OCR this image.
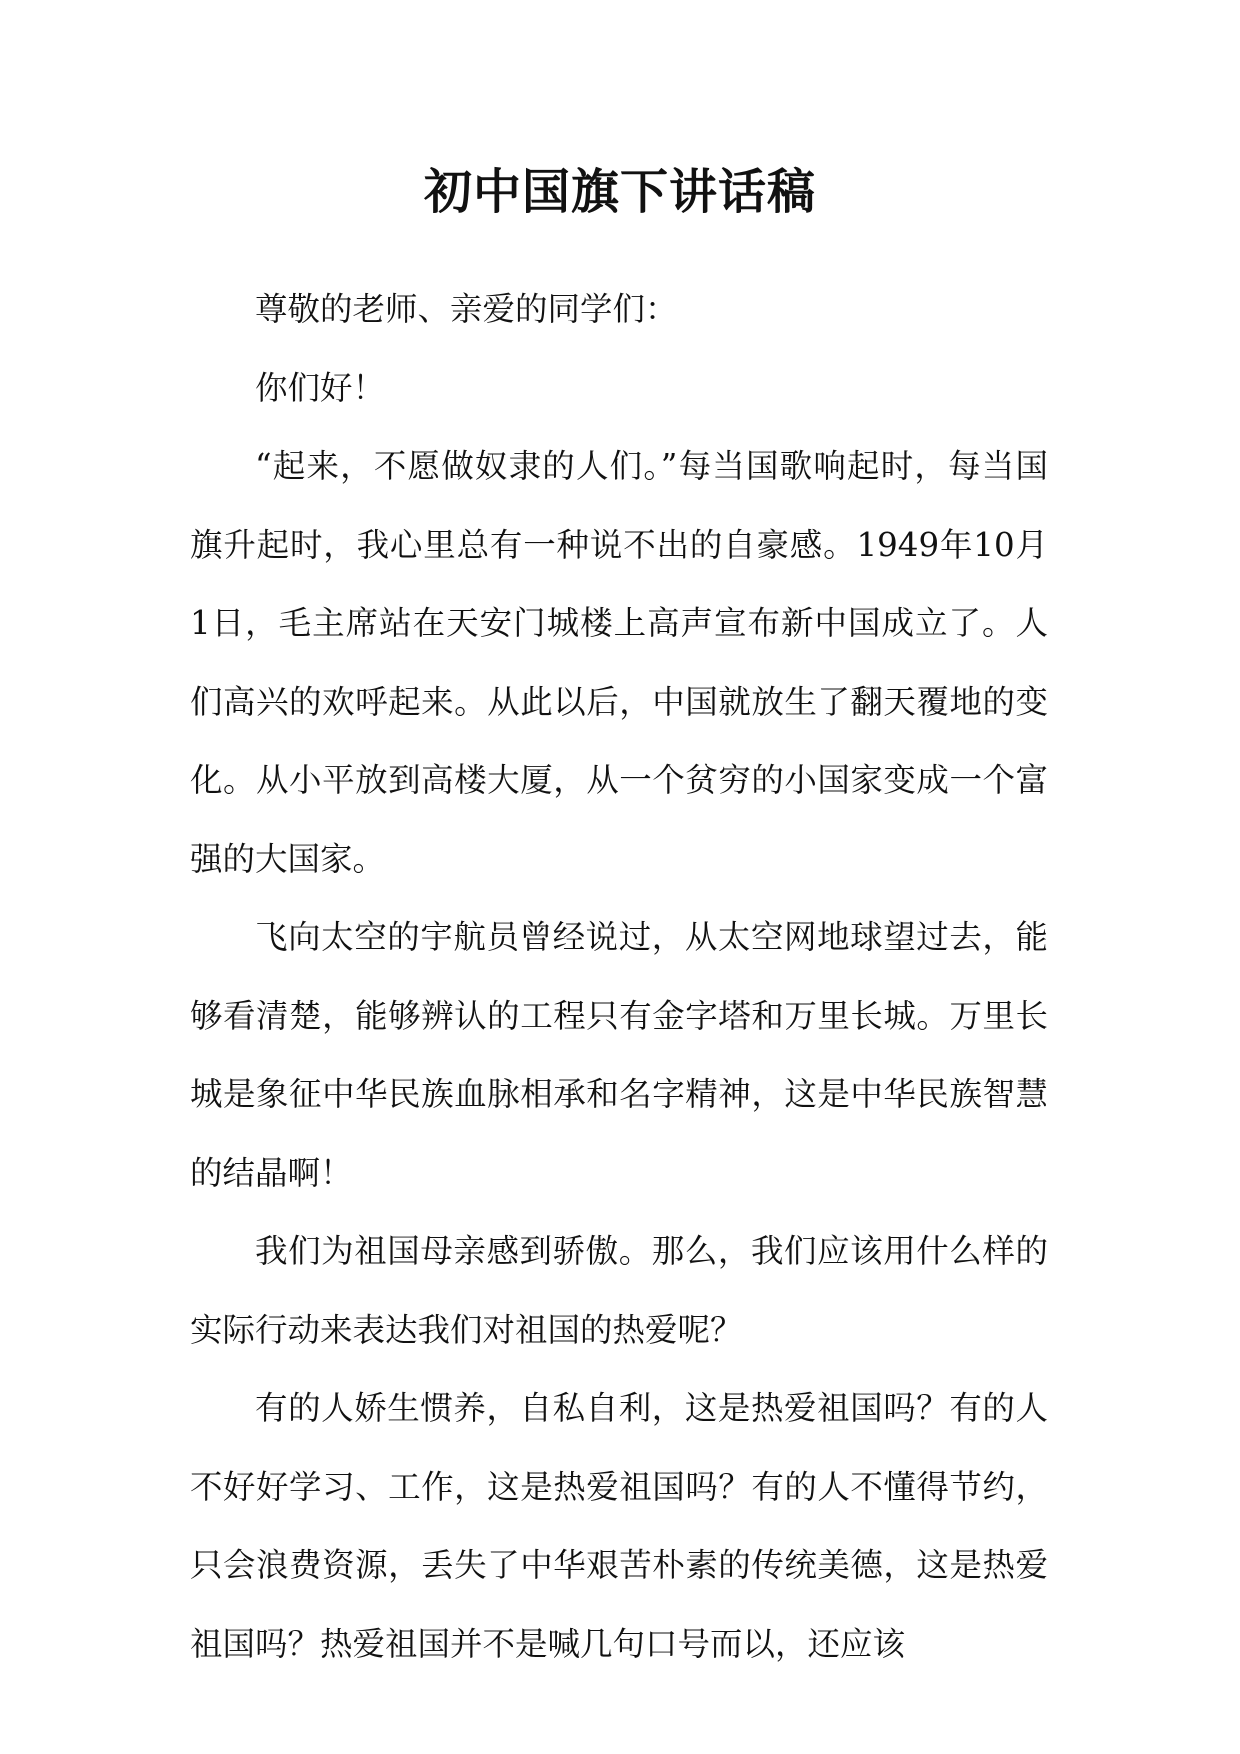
初中国旗下讲话稿

尊敬的老师、亲爱的同学们：

你们好！

“起来，不愿做奴隶的人们。”每当国歌响起时，每当国旗升起时，我心里总有一种说不出的自豪感。1949年10月1日，毛主席站在天安门城楼上高声宣布新中国成立了。人们高兴的欢呼起来。从此以后，中国就放生了翻天覆地的变化。从小平放到高楼大厦，从一个贫穷的小国家变成一个富强的大国家。

飞向太空的宇航员曾经说过，从太空网地球望过去，能够看清楚，能够辨认的工程只有金字塔和万里长城。万里长城是象征中华民族血脉相承和名字精神，这是中华民族智慧的结晶啊！

我们为祖国母亲感到骄傲。那么，我们应该用什么样的实际行动来表达我们对祖国的热爱呢？

有的人娇生惯养，自私自利，这是热爱祖国吗？有的人不好好学习、工作，这是热爱祖国吗？有的人不懂得节约，只会浪费资源，丢失了中华艰苦朴素的传统美德，这是热爱祖国吗？热爱祖国并不是喊几句口号而以，还应该
